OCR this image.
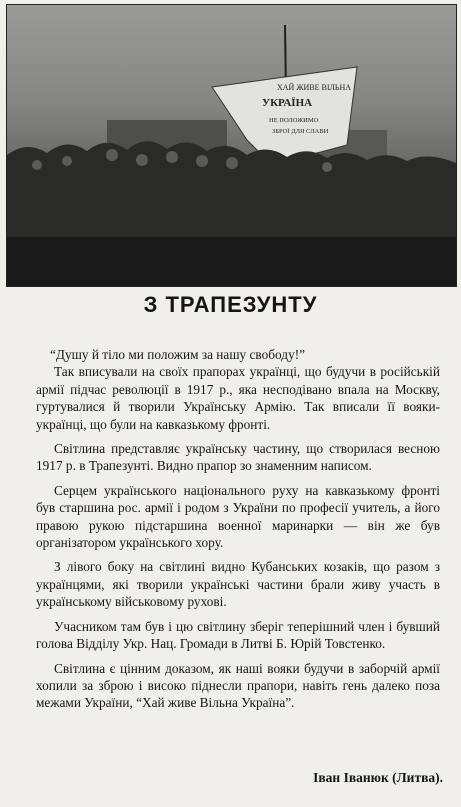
ХАЙ ЖИВЕ ВІЛЬНА
УКРАЇНА
НЕ ПОЛОЖИМО
ЗБРОЇ ДЛЯ СЛАВИ
З ТРАПЕЗУНТУ

“Душу й тіло ми положим за нашу свободу!”

Так вписували на своїх прапорах українці, що будучи в російській армії підчас революції в 1917 р., яка несподівано впала на Москву, гуртувалися й творили Українську Армію. Так вписали її вояки-українці, що були на кавказькому фронті.

Світлина представляє українську частину, що створилася весною 1917 р. в Трапезунті. Видно прапор зо знаменним написом.

Серцем українського національного руху на кавказькому фронті був старшина рос. армії і родом з України по професії учитель, а його правою рукою підстаршина военної маринарки — він же був організатором українського хору.

З лівого боку на світлині видно Кубанських козаків, що разом з українцями, які творили українські частини брали живу участь в українському військовому рухові.

Учасником там був і цю світлину зберіг теперішний член і бувший голова Відділу Укр. Нац. Громади в Литві Б. Юрій Товстенко.

Світлина є цінним доказом, як наші вояки будучи в заборчій армії хопили за зброю і високо піднесли прапори, навіть гень далеко поза межами України, “Хай живе Вільна Україна”.

Іван Іванюк (Литва).
